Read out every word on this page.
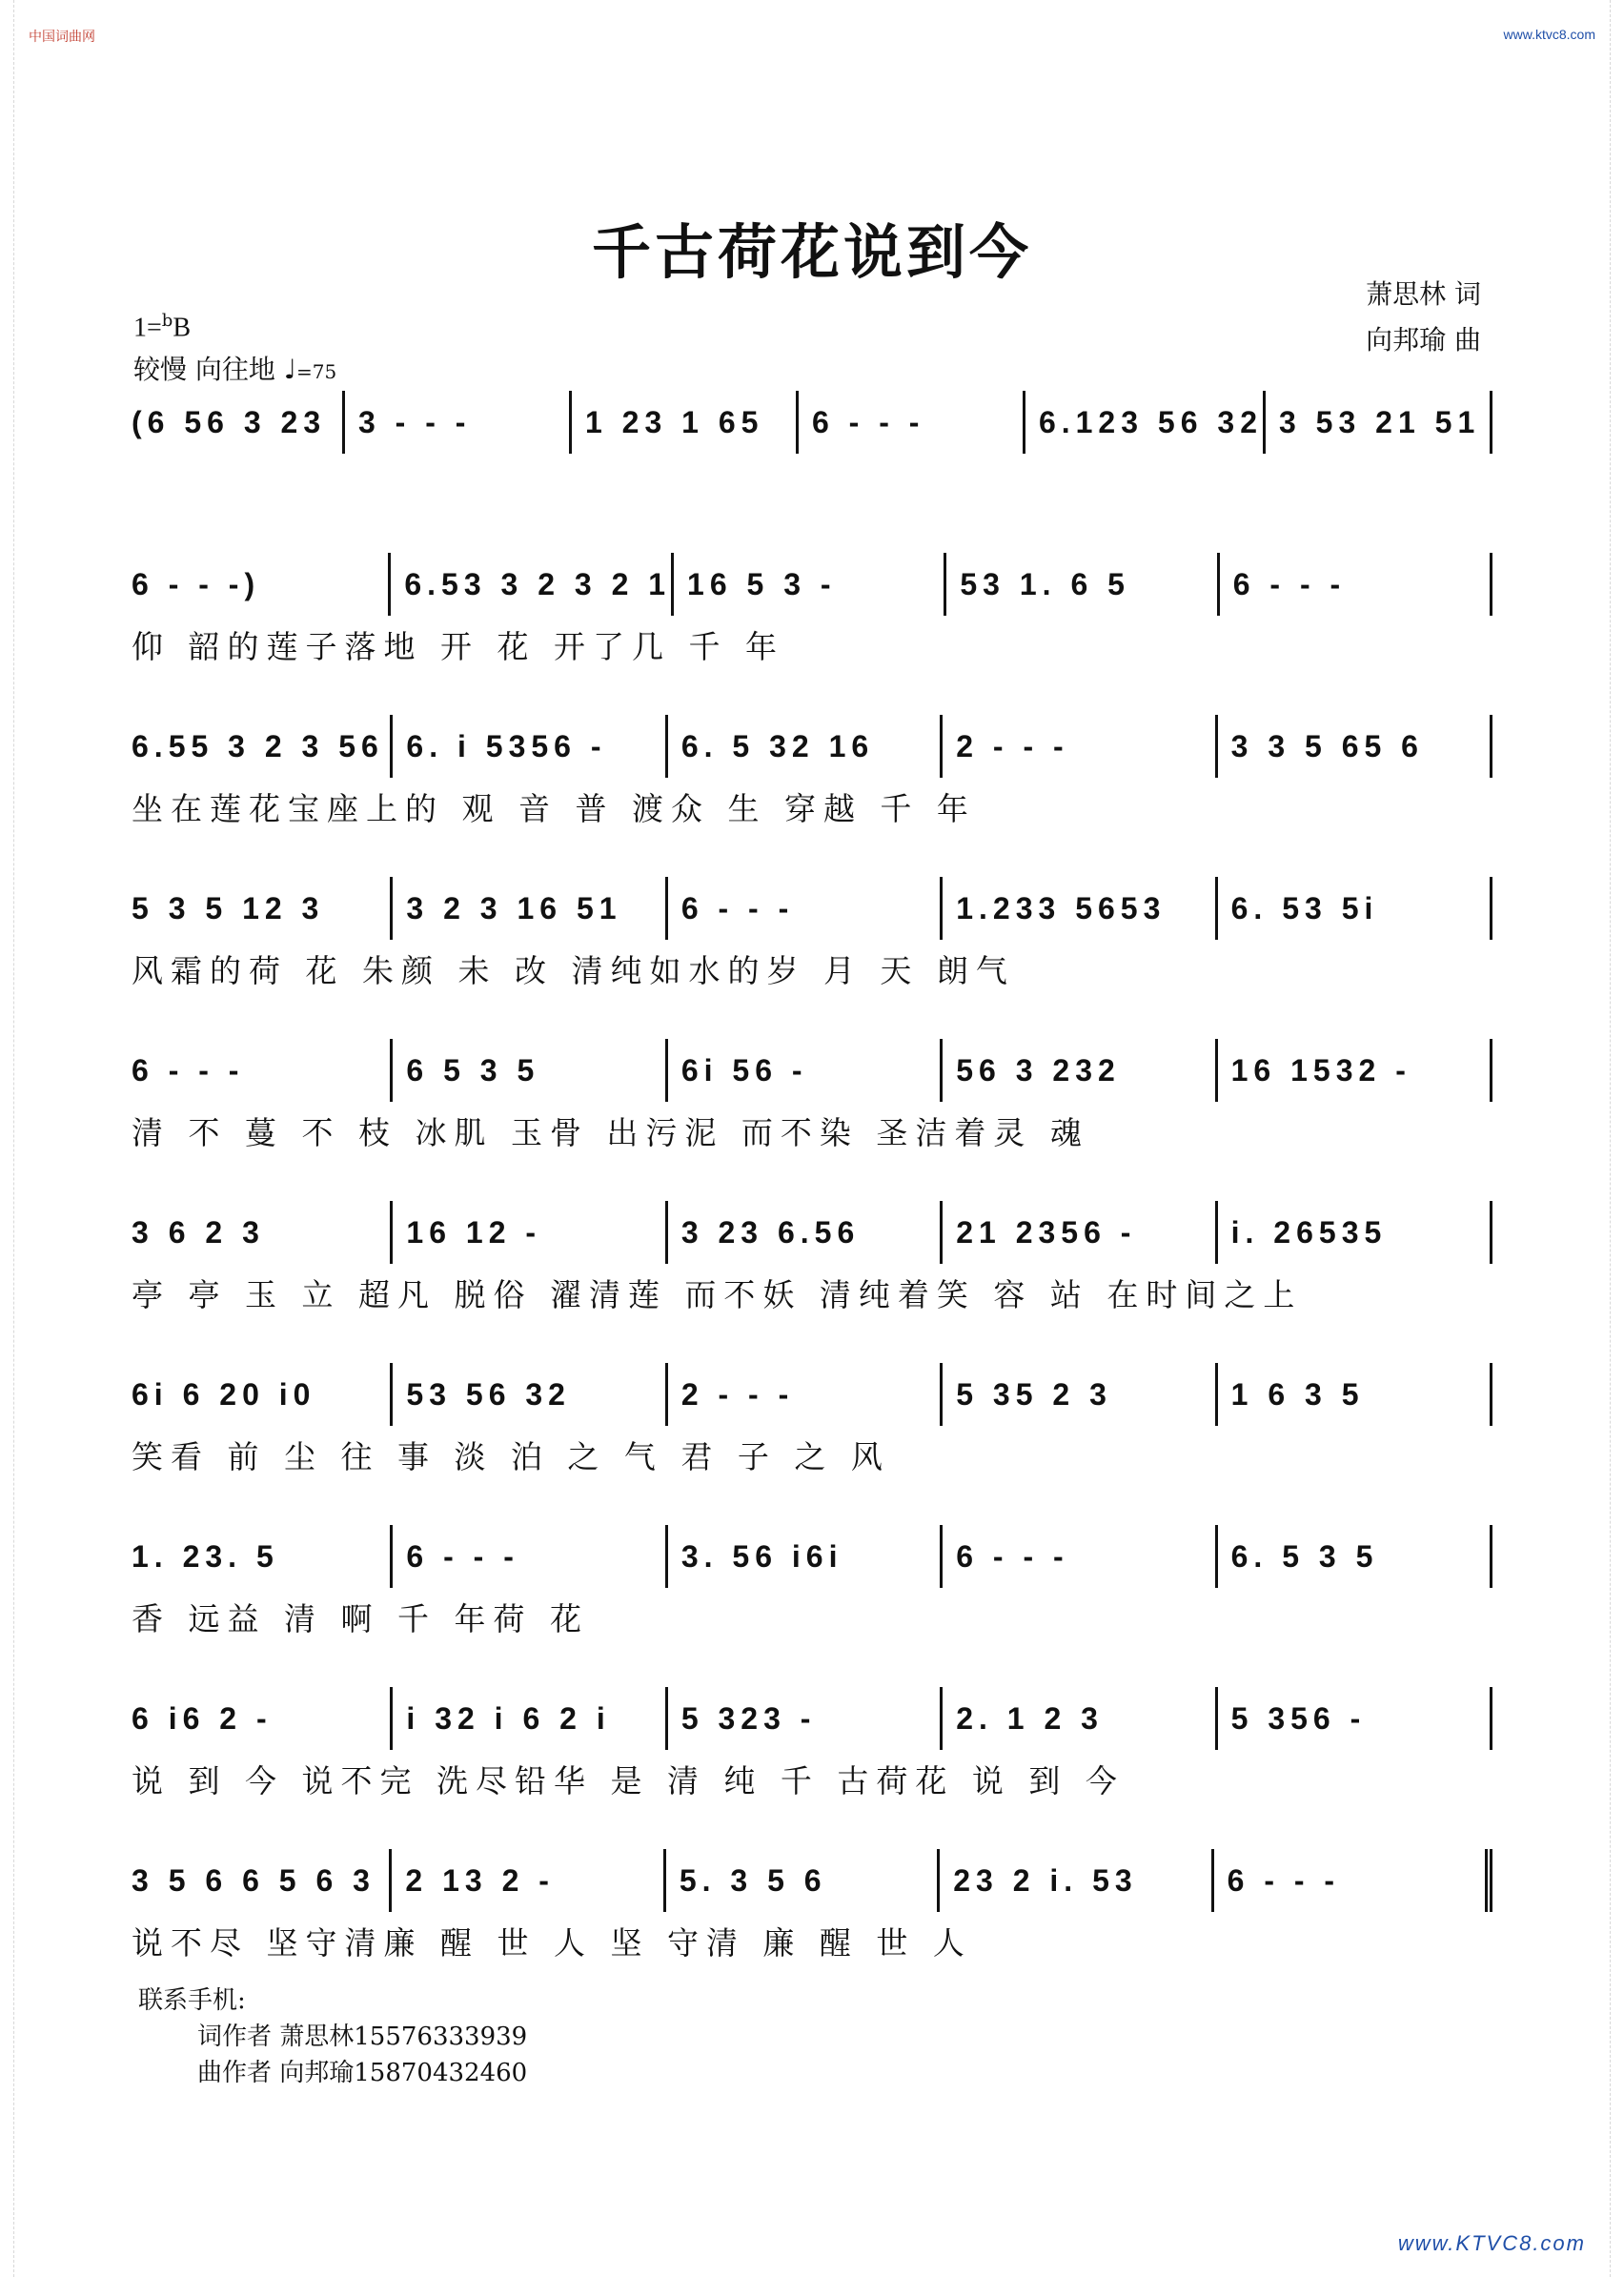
中国词曲网	www.ktvc8.com
千古荷花说到今
萧思林 词
向邦瑜 曲
1=$^b$B
较慢 向往地 ♩=75
(6 56 3 23	3 - - -	1 23 1 65	6 - - -	6.123 56 32 3 53 21 51
6 - - -)	6.53 3 2 3 2 1 16 5 3 -	53 1. 6 5	6 - - -
仰 韶的莲子落地 开 花 开了几 千 年
6.55 3 2 3 56 6. i 5356 -	6. 5 32 16	2 - - -	3 3 5 65 6
坐在莲花宝座上的 观 音 普 渡众 生 穿越 千 年
5 3 5 12 3	3 2 3 16 51	6 - - -	1.233 5653	6. 53 5i
风霜的荷 花 朱颜 未 改 清纯如水的岁 月 天 朗气
6 - - -	6 5 3 5	6i 56 -	56 3 232	16 1532 -
清 不 蔓 不 枝 冰肌 玉骨 出污泥 而不染 圣洁着灵 魂
3 6 2 3	16 12 -	3 23 6.56	21 2356 -	i. 26535
亭 亭 玉 立 超凡 脱俗 濯清莲 而不妖 清纯着笑 容 站 在时间之上
6i 6 20 i0	53 56 32	2 - - -	5 35 2 3	1 6 3 5
笑看 前 尘 往 事 淡 泊 之 气 君 子 之 风
1. 23. 5	6 - - -	3. 56 i6i	6 - - -	6. 5 3 5
香 远益 清 啊 千 年荷 花
6 i6 2 -	i 32 i 6 2 i	5 323 -	2. 1 2 3	5 356 -
说 到 今 说不完 洗尽铅华 是 清 纯 千 古荷花 说 到 今
3 5 6 6 5 6 3 2 13 2 -	5. 3 5 6	23 2 i. 53	6 - - -
说不尽 坚守清廉 醒 世 人 坚 守清 廉 醒 世 人
联系手机:
词作者 萧思林15576333939
曲作者 向邦瑜15870432460
www.KTVC8.com
